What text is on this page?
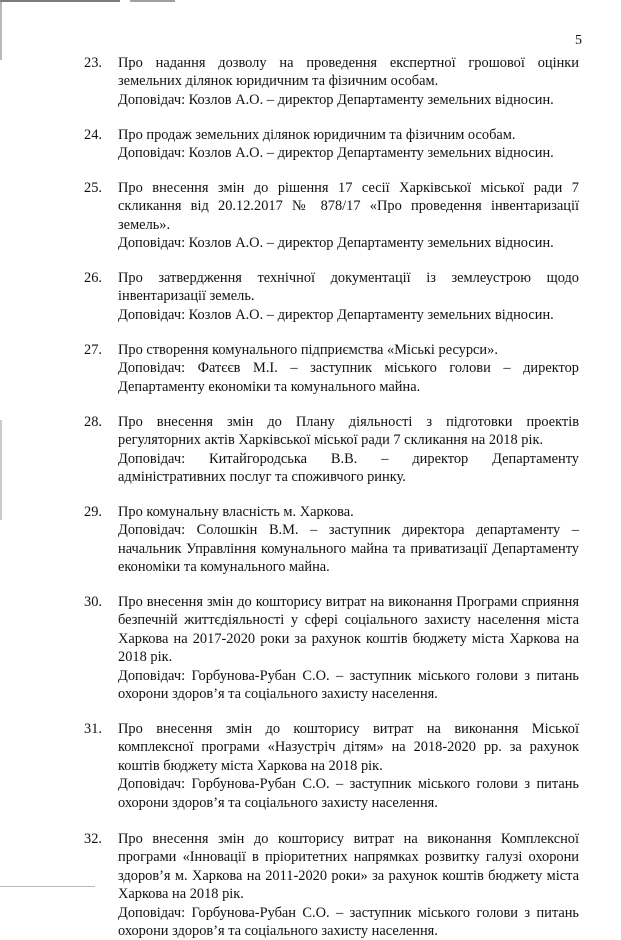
5
23.	Про надання дозволу на проведення експертної грошової оцінки земельних ділянок юридичним та фізичним особам.
Доповідач: Козлов А.О. – директор Департаменту земельних відносин.
24.	Про продаж земельних ділянок юридичним та фізичним особам.
Доповідач: Козлов А.О. – директор Департаменту земельних відносин.
25.	Про внесення змін до рішення 17 сесії Харківської міської ради 7 скликання від 20.12.2017 № 878/17 «Про проведення інвентаризації земель».
Доповідач: Козлов А.О. – директор Департаменту земельних відносин.
26.	Про затвердження технічної документації із землеустрою щодо інвентаризації земель.
Доповідач: Козлов А.О. – директор Департаменту земельних відносин.
27.	Про створення комунального підприємства «Міські ресурси».
Доповідач: Фатєєв М.І. – заступник міського голови – директор Департаменту економіки та комунального майна.
28.	Про внесення змін до Плану діяльності з підготовки проектів регуляторних актів Харківської міської ради 7 скликання на 2018 рік.
Доповідач: Китайгородська В.В. – директор Департаменту адміністративних послуг та споживчого ринку.
29.	Про комунальну власність м. Харкова.
Доповідач: Солошкін В.М. – заступник директора департаменту – начальник Управління комунального майна та приватизації Департаменту економіки та комунального майна.
30.	Про внесення змін до кошторису витрат на виконання Програми сприяння безпечній життєдіяльності у сфері соціального захисту населення міста Харкова на 2017-2020 роки за рахунок коштів бюджету міста Харкова на 2018 рік.
Доповідач: Горбунова-Рубан С.О. – заступник міського голови з питань охорони здоров’я та соціального захисту населення.
31.	Про внесення змін до кошторису витрат на виконання Міської комплексної програми «Назустріч дітям» на 2018-2020 рр. за рахунок коштів бюджету міста Харкова на 2018 рік.
Доповідач: Горбунова-Рубан С.О. – заступник міського голови з питань охорони здоров’я та соціального захисту населення.
32.	Про внесення змін до кошторису витрат на виконання Комплексної програми «Інновації в пріоритетних напрямках розвитку галузі охорони здоров’я м. Харкова на 2011-2020 роки» за рахунок коштів бюджету міста Харкова на 2018 рік.
Доповідач: Горбунова-Рубан С.О. – заступник міського голови з питань охорони здоров’я та соціального захисту населення.
